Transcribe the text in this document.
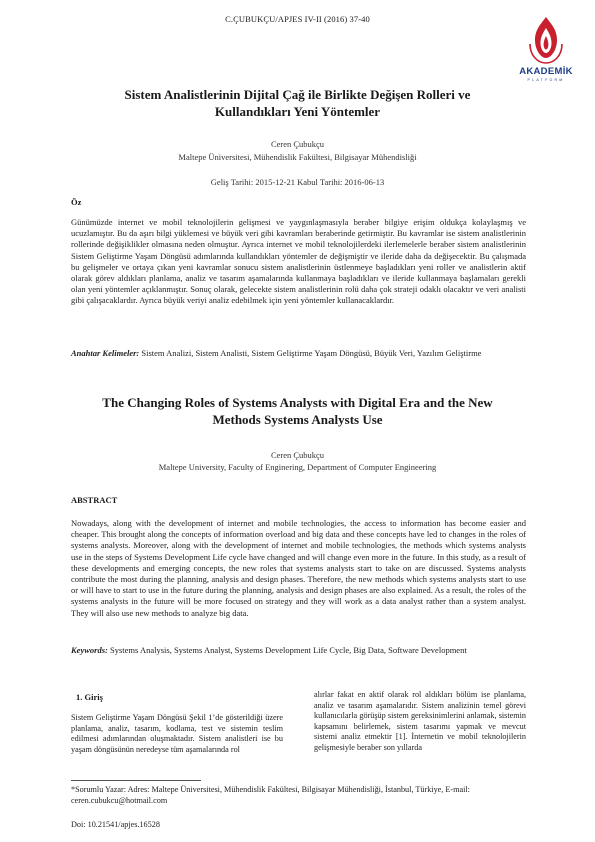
C.ÇUBUKÇU/APJES IV-II (2016) 37-40
AKADEMİK
PLATFORM
Sistem Analistlerinin Dijital Çağ ile Birlikte Değişen Rolleri ve
Kullandıkları Yeni Yöntemler
Ceren Çubukçu
Maltepe Üniversitesi, Mühendislik Fakültesi, Bilgisayar Mühendisliği
Geliş Tarihi: 2015-12-21 Kabul Tarihi: 2016-06-13
Öz

Günümüzde internet ve mobil teknolojilerin gelişmesi ve yaygınlaşmasıyla beraber bilgiye erişim oldukça kolaylaşmış ve ucuzlamıştır. Bu da aşırı bilgi yüklemesi ve büyük veri gibi kavramları beraberinde getirmiştir. Bu kavramlar ise sistem analistlerinin rollerinde değişiklikler olmasına neden olmuştur. Ayrıca internet ve mobil teknolojilerdeki ilerlemelerle beraber sistem analistlerinin Sistem Geliştirme Yaşam Döngüsü adımlarında kullandıkları yöntemler de değişmiştir ve ileride daha da değişecektir. Bu çalışmada bu gelişmeler ve ortaya çıkan yeni kavramlar sonucu sistem analistlerinin üstlenmeye başladıkları yeni roller ve analistlerin aktif olarak görev aldıkları planlama, analiz ve tasarım aşamalarında kullanmaya başladıkları ve ileride kullanmaya başlamaları gerekli olan yeni yöntemler açıklanmıştır. Sonuç olarak, gelecekte sistem analistlerinin rolü daha çok strateji odaklı olacaktır ve veri analisti gibi çalışacaklardır. Ayrıca büyük veriyi analiz edebilmek için yeni yöntemler kullanacaklardır.

Anahtar Kelimeler: Sistem Analizi, Sistem Analisti, Sistem Geliştirme Yaşam Döngüsü, Büyük Veri, Yazılım Geliştirme
The Changing Roles of Systems Analysts with Digital Era and the New
Methods Systems Analysts Use
Ceren Çubukçu
Maltepe University, Faculty of Enginering, Department of Computer Engineering
ABSTRACT

Nowadays, along with the development of internet and mobile technologies, the access to information has become easier and cheaper. This brought along the concepts of information overload and big data and these concepts have led to changes in the roles of systems analysts. Moreover, along with the development of internet and mobile technologies, the methods which systems analysts use in the steps of Systems Development Life cycle have changed and will change even more in the future. In this study, as a result of these developments and emerging concepts, the new roles that systems analysts start to take on are discussed. Systems analysts contribute the most during the planning, analysis and design phases. Therefore, the new methods which systems analysts start to use or will have to start to use in the future during the planning, analysis and design phases are also explained. As a result, the roles of the systems analysts in the future will be more focused on strategy and they will work as a data analyst rather than a system analyst. They will also use new methods to analyze big data.

Keywords: Systems Analysis, Systems Analyst, Systems Development Life Cycle, Big Data, Software Development
1. Giriş
Sistem Geliştirme Yaşam Döngüsü Şekil 1’de gösterildiği üzere planlama, analiz, tasarım, kodlama, test ve sistemin teslim edilmesi adımlarından oluşmaktadır. Sistem analistleri ise bu yaşam döngüsünün neredeyse tüm aşamalarında rol
alırlar fakat en aktif olarak rol aldıkları bölüm ise planlama, analiz ve tasarım aşamalarıdır. Sistem analizinin temel görevi kullanıcılarla görüşüp sistem gereksinimlerini anlamak, sistemin kapsamını belirlemek, sistem tasarımı yapmak ve mevcut sistemi analiz etmektir [1]. İnternetin ve mobil teknolojilerin gelişmesiyle beraber son yıllarda
*Sorumlu Yazar: Adres: Maltepe Üniversitesi, Mühendislik Fakültesi, Bilgisayar Mühendisliği, İstanbul, Türkiye, E-mail: ceren.cubukcu@hotmail.com
Doi: 10.21541/apjes.16528
